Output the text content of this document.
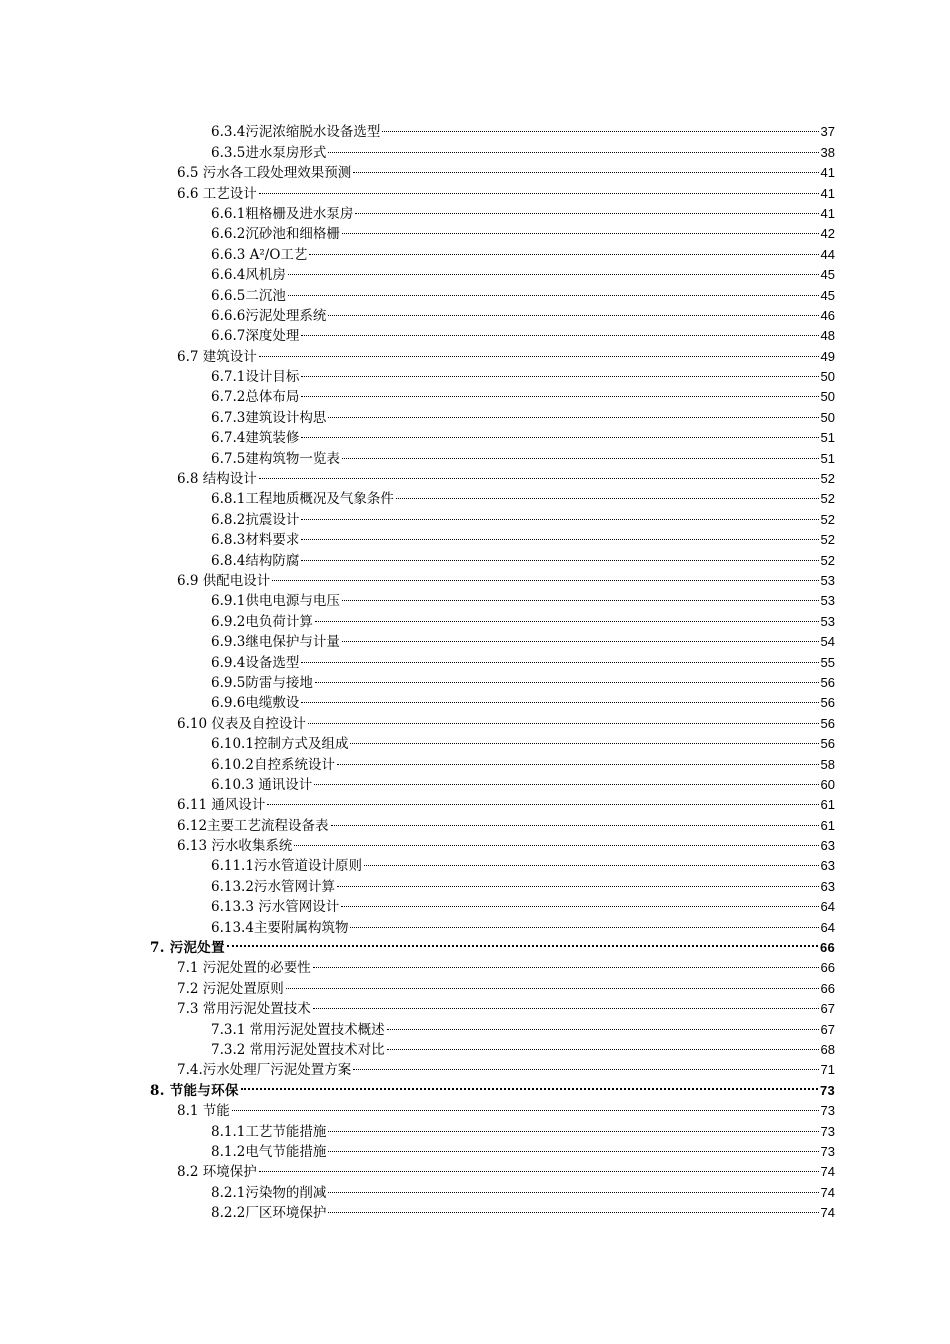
6.3.4污泥浓缩脱水设备选型	37
6.3.5进水泵房形式	38
6.5 污水各工段处理效果预测	41
6.6 工艺设计	41
6.6.1粗格栅及进水泵房	41
6.6.2沉砂池和细格栅	42
6.6.3 A²/O工艺	44
6.6.4风机房	45
6.6.5二沉池	45
6.6.6污泥处理系统	46
6.6.7深度处理	48
6.7 建筑设计	49
6.7.1设计目标	50
6.7.2总体布局	50
6.7.3建筑设计构思	50
6.7.4建筑装修	51
6.7.5建构筑物一览表	51
6.8 结构设计	52
6.8.1工程地质概况及气象条件	52
6.8.2抗震设计	52
6.8.3材料要求	52
6.8.4结构防腐	52
6.9 供配电设计	53
6.9.1供电电源与电压	53
6.9.2电负荷计算	53
6.9.3继电保护与计量	54
6.9.4设备选型	55
6.9.5防雷与接地	56
6.9.6电缆敷设	56
6.10 仪表及自控设计	56
6.10.1控制方式及组成	56
6.10.2自控系统设计	58
6.10.3 通讯设计	60
6.11 通风设计	61
6.12主要工艺流程设备表	61
6.13 污水收集系统	63
6.11.1污水管道设计原则	63
6.13.2污水管网计算	63
6.13.3 污水管网设计	64
6.13.4主要附属构筑物	64
7. 污泥处置	66
7.1 污泥处置的必要性	66
7.2 污泥处置原则	66
7.3 常用污泥处置技术	67
7.3.1 常用污泥处置技术概述	67
7.3.2 常用污泥处置技术对比	68
7.4.污水处理厂污泥处置方案	71
8. 节能与环保	73
8.1 节能	73
8.1.1工艺节能措施	73
8.1.2电气节能措施	73
8.2 环境保护	74
8.2.1污染物的削减	74
8.2.2厂区环境保护	74
